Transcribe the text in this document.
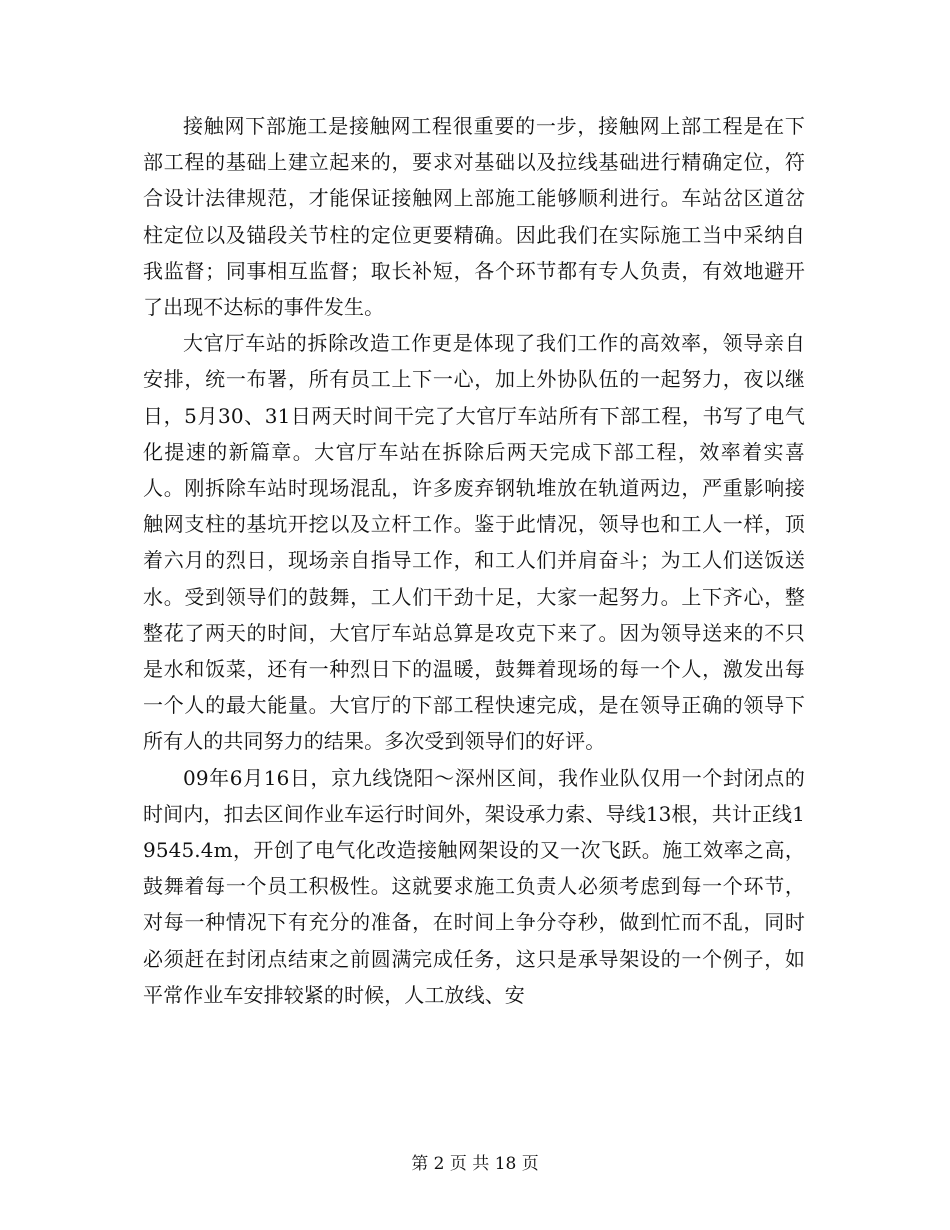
接触网下部施工是接触网工程很重要的一步，接触网上部工程是在下部工程的基础上建立起来的，要求对基础以及拉线基础进行精确定位，符合设计法律规范，才能保证接触网上部施工能够顺利进行。车站岔区道岔柱定位以及锚段关节柱的定位更要精确。因此我们在实际施工当中采纳自我监督；同事相互监督；取长补短，各个环节都有专人负责，有效地避开了出现不达标的事件发生。

大官厅车站的拆除改造工作更是体现了我们工作的高效率，领导亲自安排，统一布署，所有员工上下一心，加上外协队伍的一起努力，夜以继日，5月30、31日两天时间干完了大官厅车站所有下部工程，书写了电气化提速的新篇章。大官厅车站在拆除后两天完成下部工程，效率着实喜人。刚拆除车站时现场混乱，许多废弃钢轨堆放在轨道两边，严重影响接触网支柱的基坑开挖以及立杆工作。鉴于此情况，领导也和工人一样，顶着六月的烈日，现场亲自指导工作，和工人们并肩奋斗；为工人们送饭送水。受到领导们的鼓舞，工人们干劲十足，大家一起努力。上下齐心，整整花了两天的时间，大官厅车站总算是攻克下来了。因为领导送来的不只是水和饭菜，还有一种烈日下的温暖，鼓舞着现场的每一个人，激发出每一个人的最大能量。大官厅的下部工程快速完成，是在领导正确的领导下所有人的共同努力的结果。多次受到领导们的好评。

09年6月16日，京九线饶阳～深州区间，我作业队仅用一个封闭点的时间内，扣去区间作业车运行时间外，架设承力索、导线13根，共计正线19545.4m，开创了电气化改造接触网架设的又一次飞跃。施工效率之高，鼓舞着每一个员工积极性。这就要求施工负责人必须考虑到每一个环节，对每一种情况下有充分的准备，在时间上争分夺秒，做到忙而不乱，同时必须赶在封闭点结束之前圆满完成任务，这只是承导架设的一个例子，如平常作业车安排较紧的时候，人工放线、安

第 2 页 共 18 页
